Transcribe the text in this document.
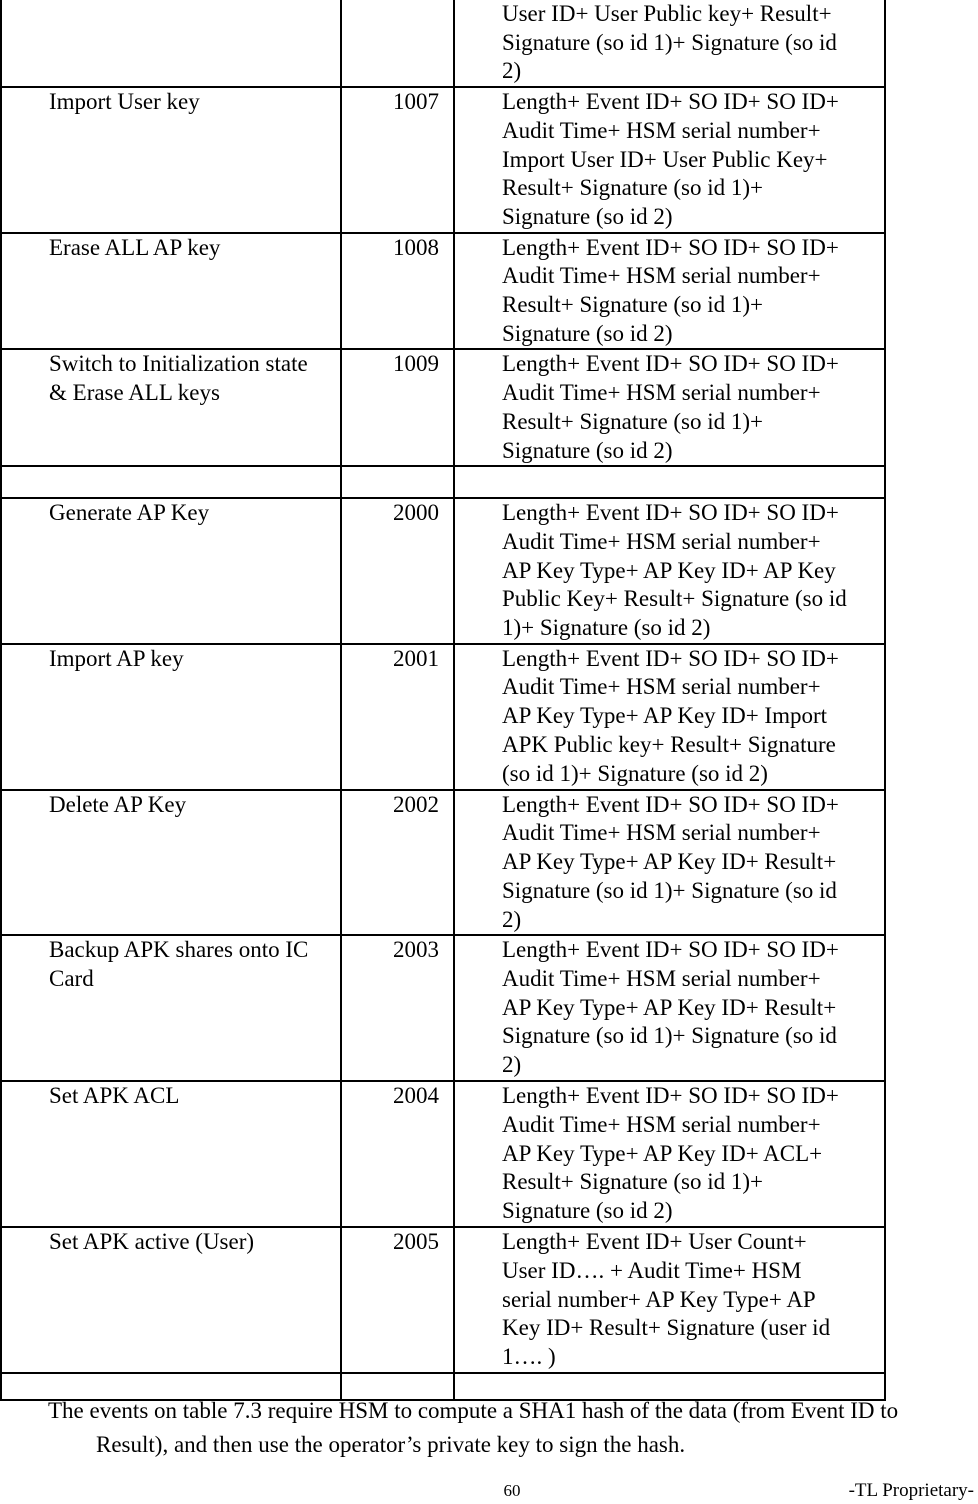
		User ID+ User Public key+ Result+
Signature (so id 1)+ Signature (so id
2)
Import User key	1007	Length+ Event ID+ SO ID+ SO ID+
Audit Time+ HSM serial number+
Import User ID+ User Public Key+
Result+ Signature (so id 1)+
Signature (so id 2)
Erase ALL AP key	1008	Length+ Event ID+ SO ID+ SO ID+
Audit Time+ HSM serial number+
Result+ Signature (so id 1)+
Signature (so id 2)
Switch to Initialization state
& Erase ALL keys	1009	Length+ Event ID+ SO ID+ SO ID+
Audit Time+ HSM serial number+
Result+ Signature (so id 1)+
Signature (so id 2)

Generate AP Key	2000	Length+ Event ID+ SO ID+ SO ID+
Audit Time+ HSM serial number+
AP Key Type+ AP Key ID+ AP Key
Public Key+ Result+ Signature (so id
1)+ Signature (so id 2)
Import AP key	2001	Length+ Event ID+ SO ID+ SO ID+
Audit Time+ HSM serial number+
AP Key Type+ AP Key ID+ Import
APK Public key+ Result+ Signature
(so id 1)+ Signature (so id 2)
Delete AP Key	2002	Length+ Event ID+ SO ID+ SO ID+
Audit Time+ HSM serial number+
AP Key Type+ AP Key ID+ Result+
Signature (so id 1)+ Signature (so id
2)
Backup APK shares onto IC
Card	2003	Length+ Event ID+ SO ID+ SO ID+
Audit Time+ HSM serial number+
AP Key Type+ AP Key ID+ Result+
Signature (so id 1)+ Signature (so id
2)
Set APK ACL	2004	Length+ Event ID+ SO ID+ SO ID+
Audit Time+ HSM serial number+
AP Key Type+ AP Key ID+ ACL+
Result+ Signature (so id 1)+
Signature (so id 2)
Set APK active (User)	2005	Length+ Event ID+ User Count+
User ID…. + Audit Time+ HSM
serial number+ AP Key Type+ AP
Key ID+ Result+ Signature (user id
1…. )

The events on table 7.3 require HSM to compute a SHA1 hash of the data (from Event ID to
Result), and then use the operator’s private key to sign the hash.
60	-TL Proprietary-
